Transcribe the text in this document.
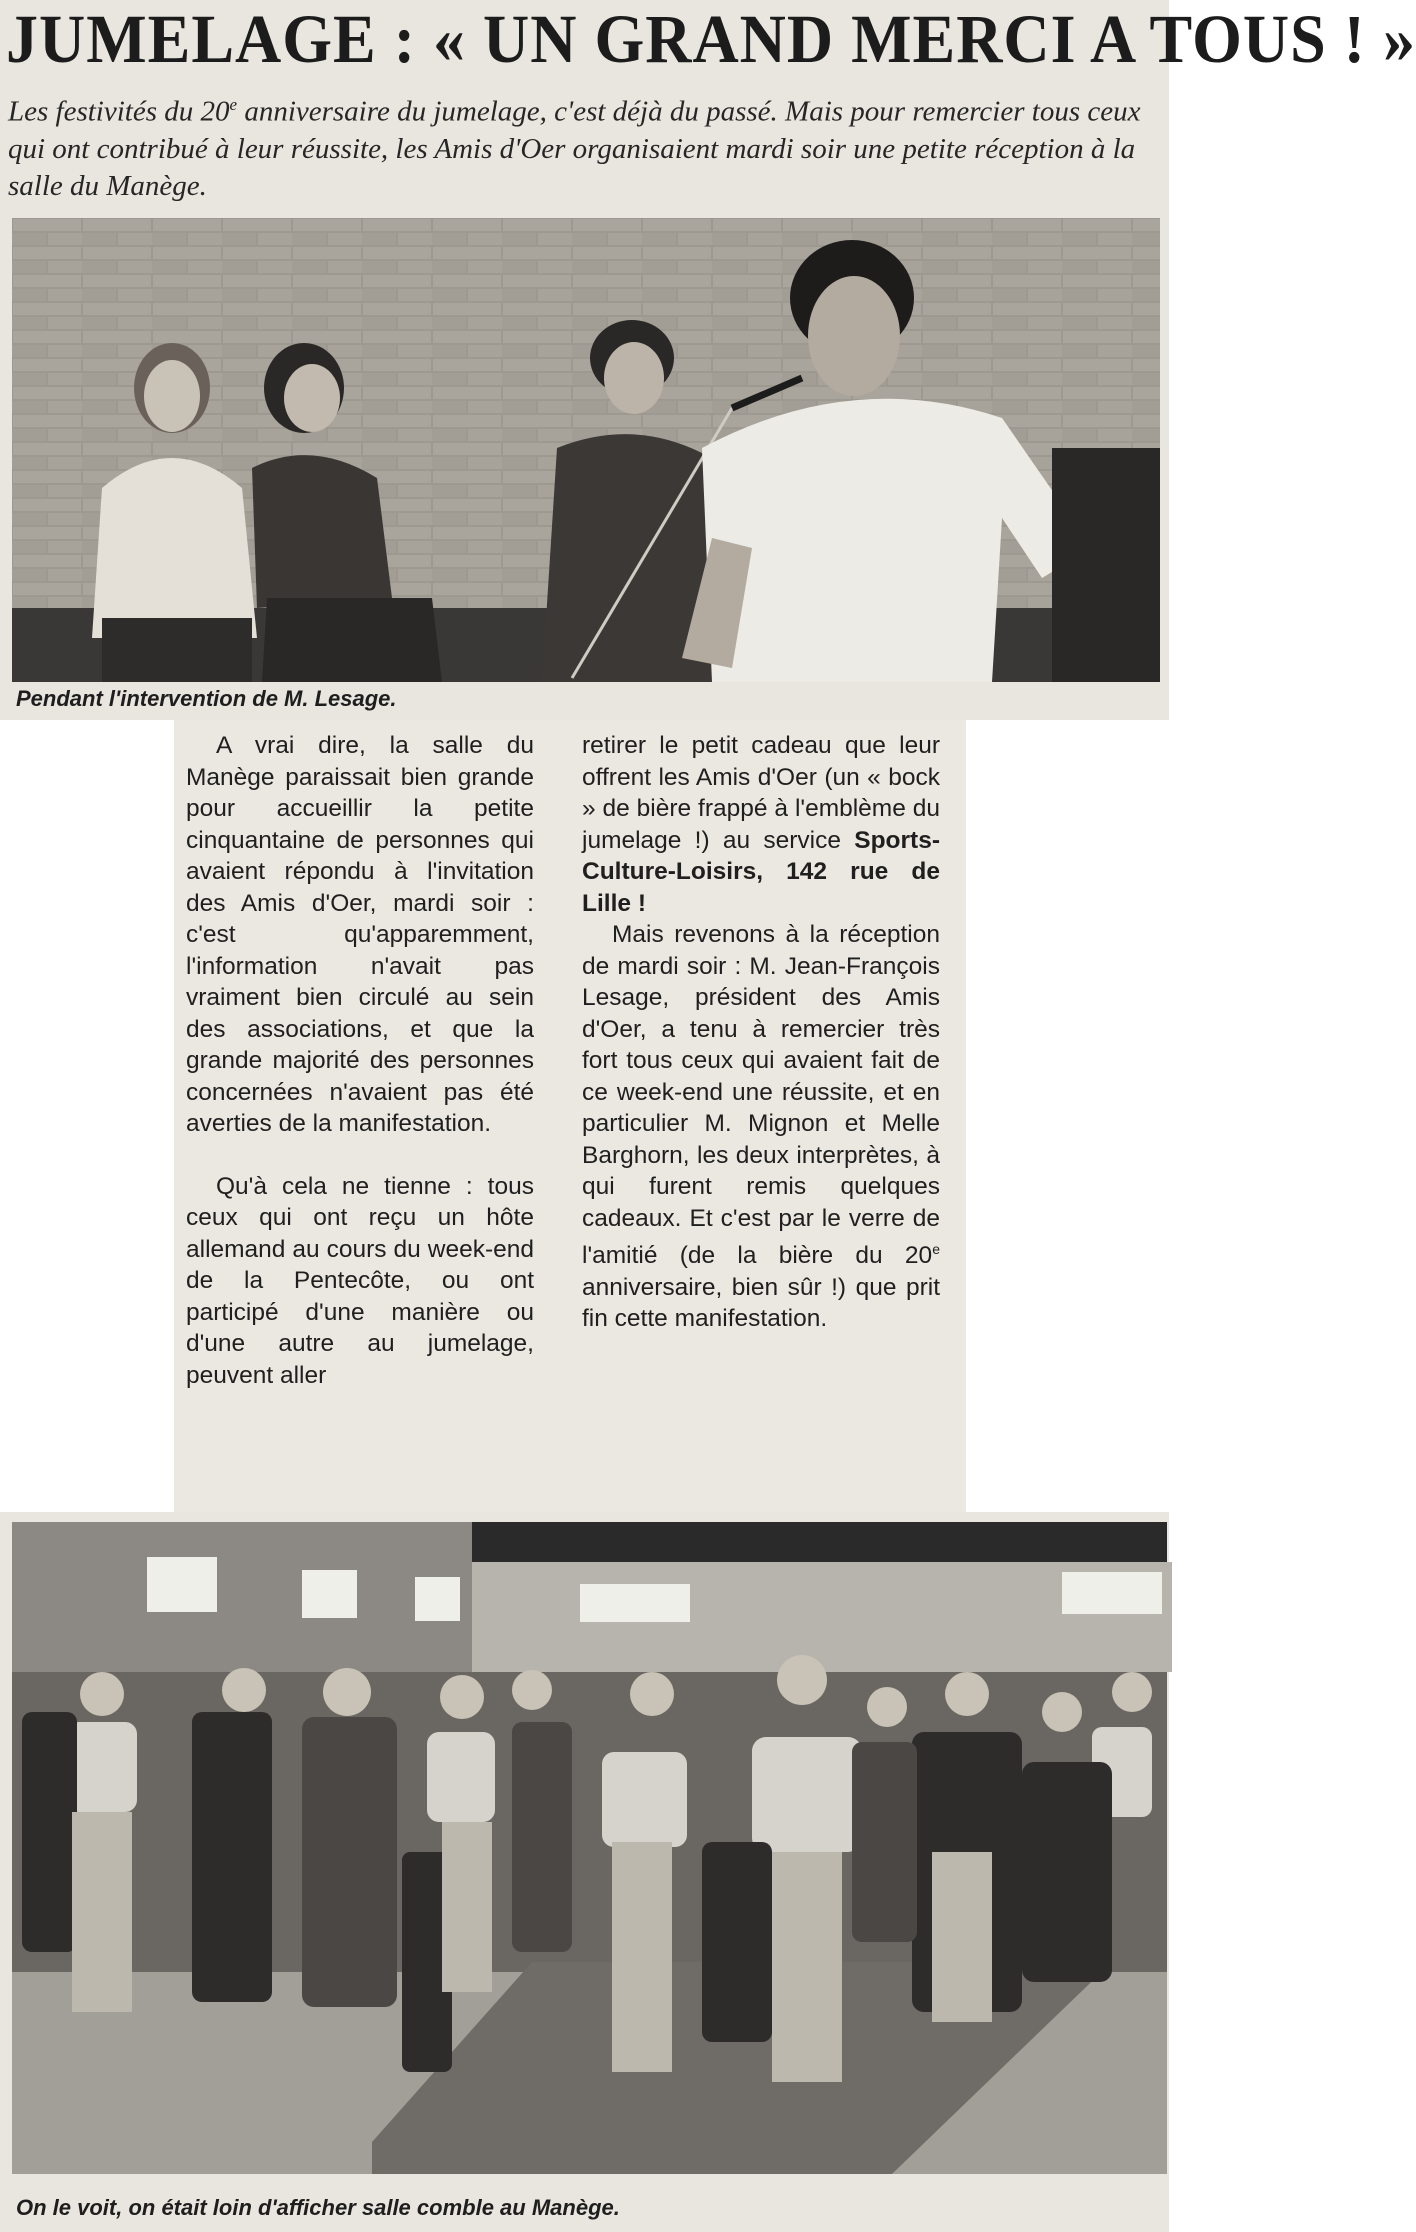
JUMELAGE : « UN GRAND MERCI A TOUS ! »
Les festivités du 20e anniversaire du jumelage, c'est déjà du passé. Mais pour remercier tous ceux qui ont contribué à leur réussite, les Amis d'Oer organisaient mardi soir une petite réception à la salle du Manège.
Pendant l'intervention de M. Lesage.

A vrai dire, la salle du Manège paraissait bien grande pour accueillir la petite cinquantaine de personnes qui avaient répondu à l'invitation des Amis d'Oer, mardi soir : c'est qu'apparemment, l'information n'avait pas vraiment bien circulé au sein des associations, et que la grande majorité des personnes concernées n'avaient pas été averties de la manifestation.

Qu'à cela ne tienne : tous ceux qui ont reçu un hôte allemand au cours du week-end de la Pentecôte, ou ont participé d'une manière ou d'une autre au jumelage, peuvent aller

retirer le petit cadeau que leur offrent les Amis d'Oer (un « bock » de bière frappé à l'emblème du jumelage !) au service Sports-Culture-Loisirs, 142 rue de Lille !

Mais revenons à la réception de mardi soir : M. Jean-François Lesage, président des Amis d'Oer, a tenu à remercier très fort tous ceux qui avaient fait de ce week-end une réussite, et en particulier M. Mignon et Melle Barghorn, les deux interprètes, à qui furent remis quelques cadeaux. Et c'est par le verre de l'amitié (de la bière du 20e anniversaire, bien sûr !) que prit fin cette manifestation.

On le voit, on était loin d'afficher salle comble au Manège.
